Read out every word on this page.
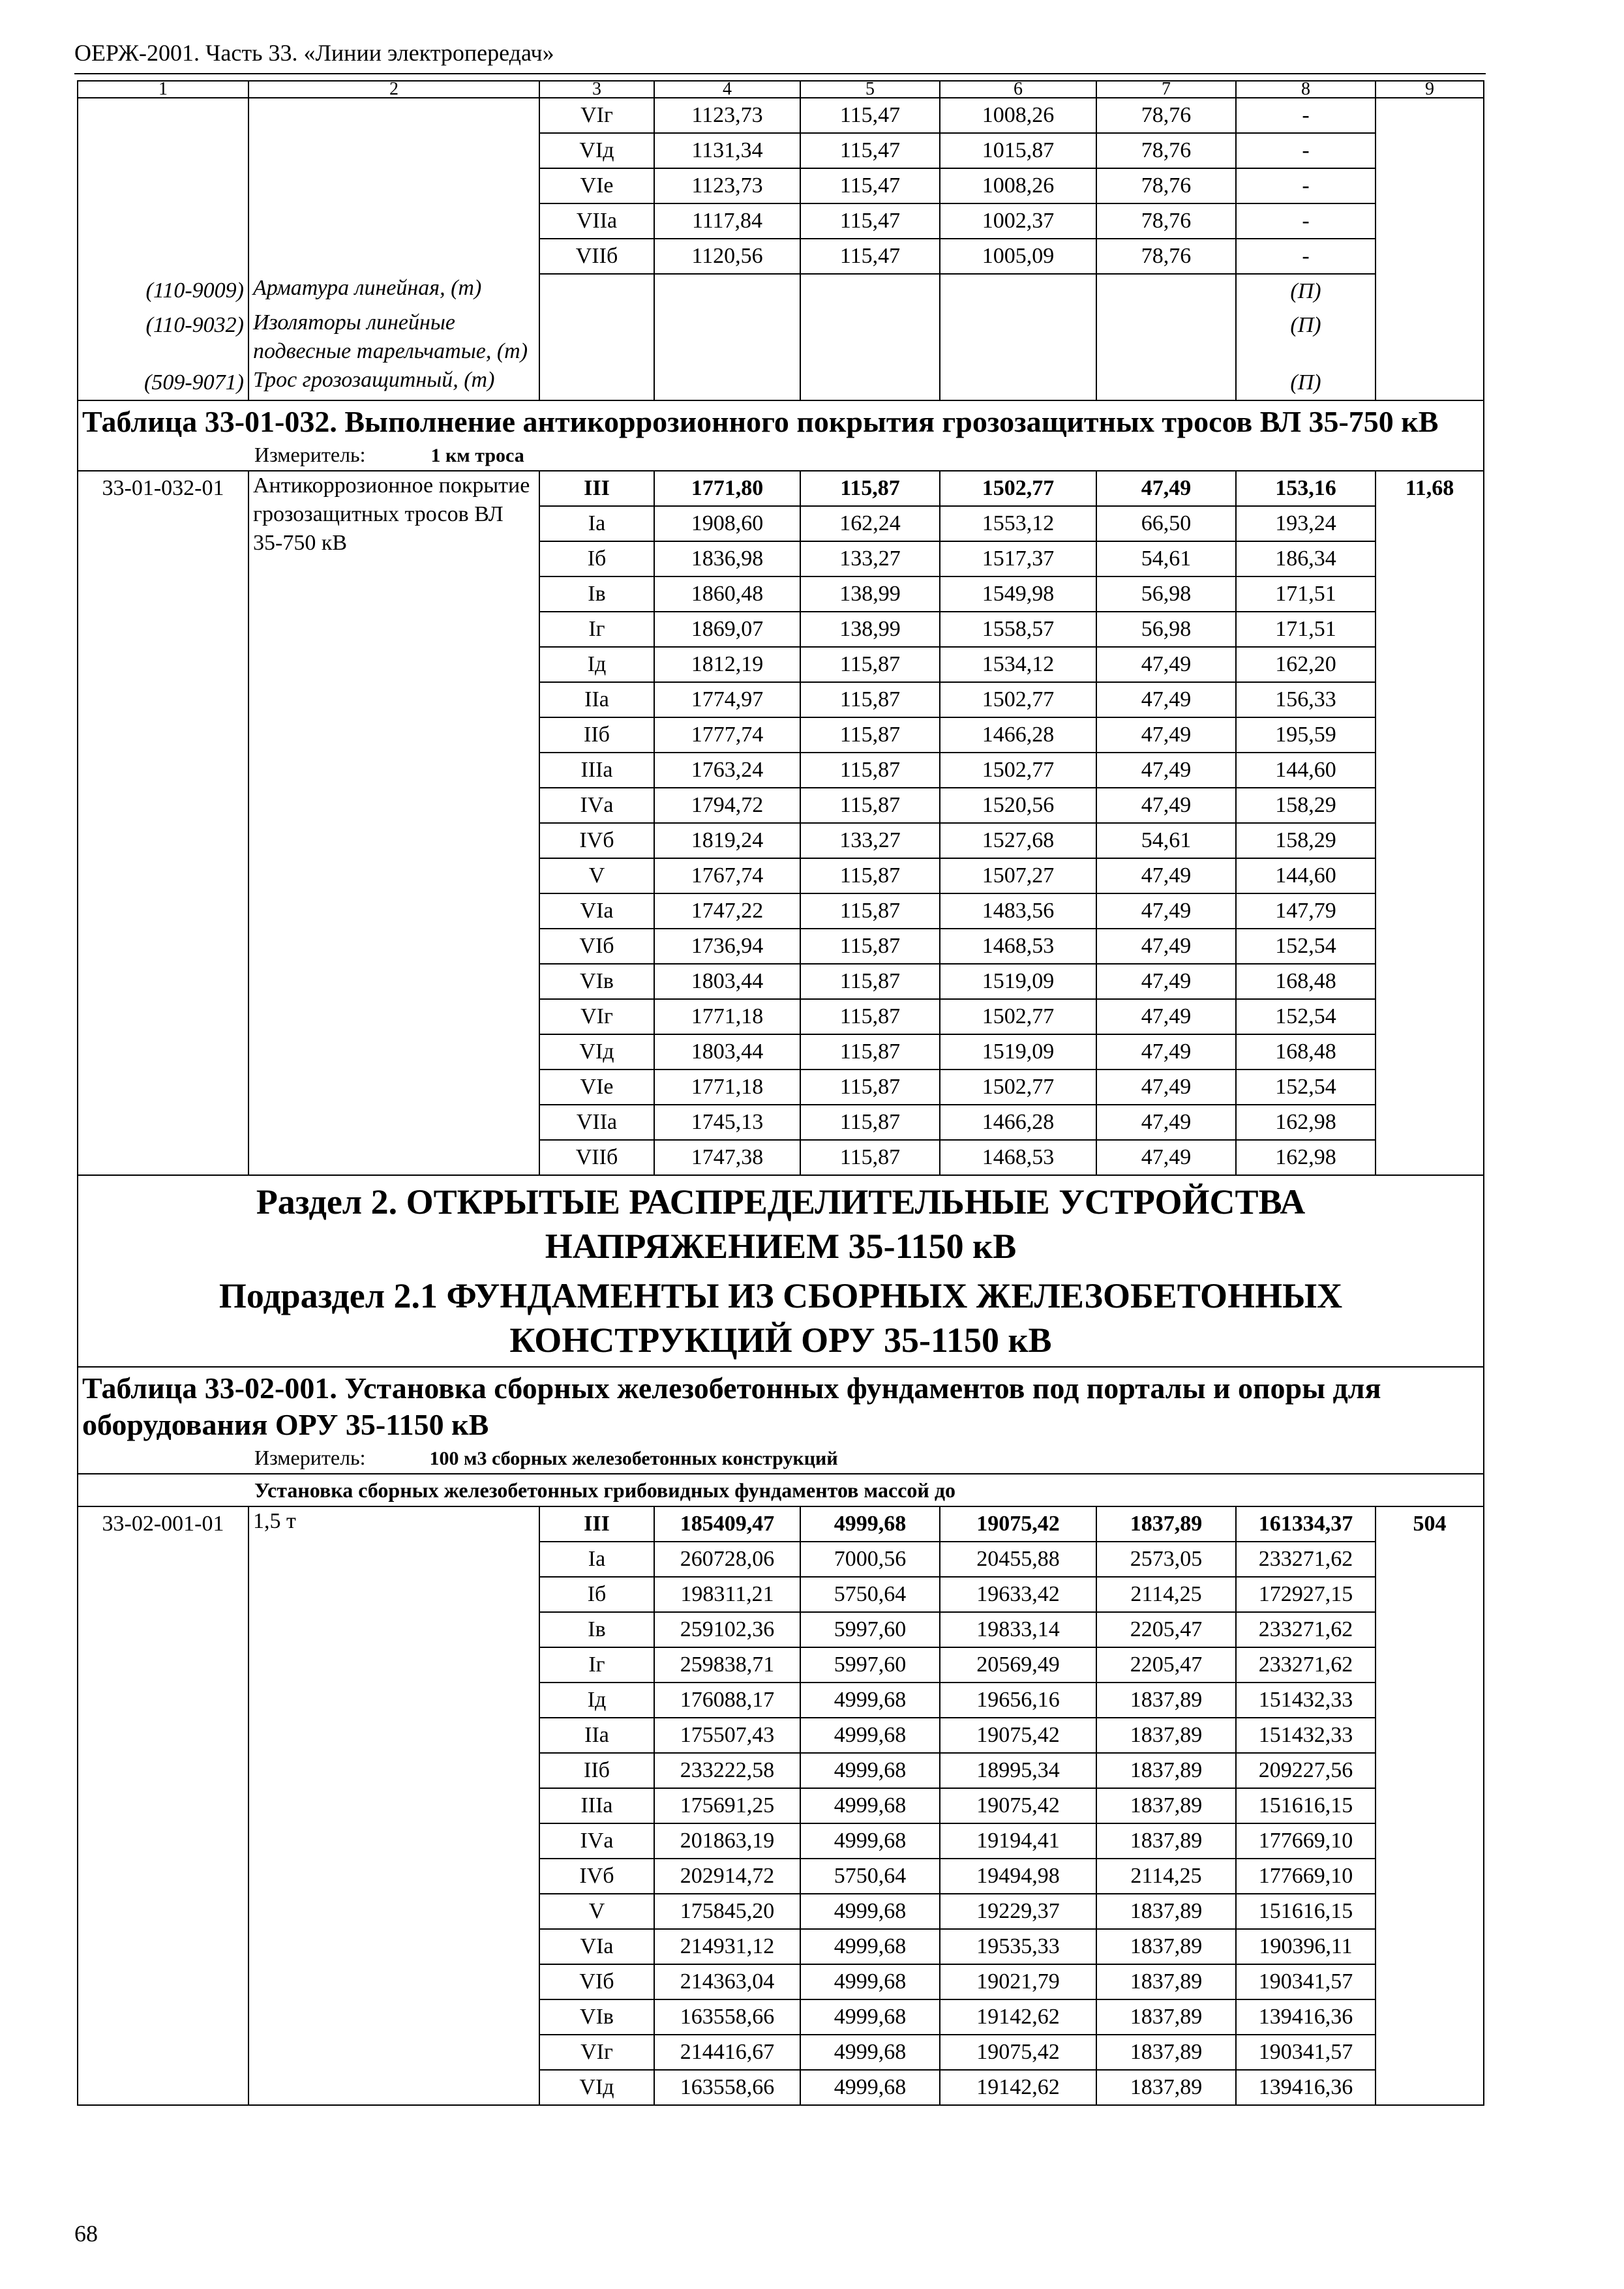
ОЕРЖ-2001. Часть 33. «Линии электропередач»
1	2	3	4	5	6	7	8	9
		VIг	1123,73	115,47	1008,26	78,76	-	
		VIд	1131,34	115,47	1015,87	78,76	-	
		VIе	1123,73	115,47	1008,26	78,76	-	
		VIIа	1117,84	115,47	1002,37	78,76	-	
		VIIб	1120,56	115,47	1005,09	78,76	-	
(110-9009)	Арматура линейная, (т)						(П)	
(110-9032)	Изоляторы линейные подвесные тарельчатые, (т)						(П)	
(509-9071)	Трос грозозащитный, (т)						(П)	
Таблица 33-01-032. Выполнение антикоррозионного покрытия грозозащитных тросов ВЛ 35-750 кВ								
Измеритель: 1 км троса								
33-01-032-01	Антикоррозионное покрытие грозозащитных тросов ВЛ 35-750 кВ	III	1771,80	115,87	1502,77	47,49	153,16	11,68
		Iа	1908,60	162,24	1553,12	66,50	193,24	
		Iб	1836,98	133,27	1517,37	54,61	186,34	
		Iв	1860,48	138,99	1549,98	56,98	171,51	
		Iг	1869,07	138,99	1558,57	56,98	171,51	
		Iд	1812,19	115,87	1534,12	47,49	162,20	
		IIа	1774,97	115,87	1502,77	47,49	156,33	
		IIб	1777,74	115,87	1466,28	47,49	195,59	
		IIIа	1763,24	115,87	1502,77	47,49	144,60	
		IVа	1794,72	115,87	1520,56	47,49	158,29	
		IVб	1819,24	133,27	1527,68	54,61	158,29	
		V	1767,74	115,87	1507,27	47,49	144,60	
		VIа	1747,22	115,87	1483,56	47,49	147,79	
		VIб	1736,94	115,87	1468,53	47,49	152,54	
		VIв	1803,44	115,87	1519,09	47,49	168,48	
		VIг	1771,18	115,87	1502,77	47,49	152,54	
		VIд	1803,44	115,87	1519,09	47,49	168,48	
		VIе	1771,18	115,87	1502,77	47,49	152,54	
		VIIа	1745,13	115,87	1466,28	47,49	162,98	
		VIIб	1747,38	115,87	1468,53	47,49	162,98	

Раздел 2. ОТКРЫТЫЕ РАСПРЕДЕЛИТЕЛЬНЫЕ УСТРОЙСТВА НАПРЯЖЕНИЕМ 35-1150 кВ
Подраздел 2.1 ФУНДАМЕНТЫ ИЗ СБОРНЫХ ЖЕЛЕЗОБЕТОННЫХ КОНСТРУКЦИЙ ОРУ 35-1150 кВ								

Таблица 33-02-001. Установка сборных железобетонных фундаментов под порталы и опоры для оборудования ОРУ 35-1150 кВ								
Измеритель: 100 м3 сборных железобетонных конструкций								
Установка сборных железобетонных грибовидных фундаментов массой до								
33-02-001-01	1,5 т	III	185409,47	4999,68	19075,42	1837,89	161334,37	504
		Iа	260728,06	7000,56	20455,88	2573,05	233271,62	
		Iб	198311,21	5750,64	19633,42	2114,25	172927,15	
		Iв	259102,36	5997,60	19833,14	2205,47	233271,62	
		Iг	259838,71	5997,60	20569,49	2205,47	233271,62	
		Iд	176088,17	4999,68	19656,16	1837,89	151432,33	
		IIа	175507,43	4999,68	19075,42	1837,89	151432,33	
		IIб	233222,58	4999,68	18995,34	1837,89	209227,56	
		IIIа	175691,25	4999,68	19075,42	1837,89	151616,15	
		IVа	201863,19	4999,68	19194,41	1837,89	177669,10	
		IVб	202914,72	5750,64	19494,98	2114,25	177669,10	
		V	175845,20	4999,68	19229,37	1837,89	151616,15	
		VIа	214931,12	4999,68	19535,33	1837,89	190396,11	
		VIб	214363,04	4999,68	19021,79	1837,89	190341,57	
		VIв	163558,66	4999,68	19142,62	1837,89	139416,36	
		VIг	214416,67	4999,68	19075,42	1837,89	190341,57	
		VIд	163558,66	4999,68	19142,62	1837,89	139416,36	
68
